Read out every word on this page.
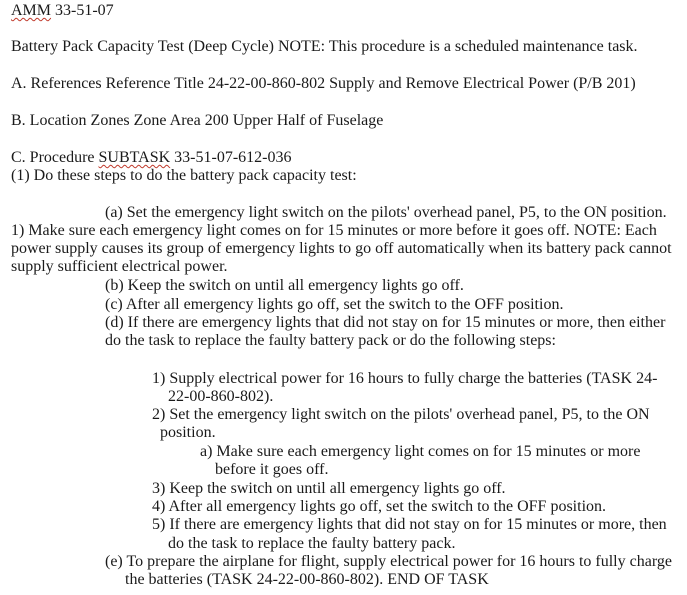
AMM 33-51-07
Battery Pack Capacity Test (Deep Cycle) NOTE: This procedure is a scheduled maintenance task.
A. References Reference Title 24-22-00-860-802 Supply and Remove Electrical Power (P/B 201)
B. Location Zones Zone Area 200 Upper Half of Fuselage
C. Procedure SUBTASK 33-51-07-612-036
(1) Do these steps to do the battery pack capacity test:
(a) Set the emergency light switch on the pilots' overhead panel, P5, to the ON position.
1) Make sure each emergency light comes on for 15 minutes or more before it goes off. NOTE: Each
power supply causes its group of emergency lights to go off automatically when its battery pack cannot
supply sufficient electrical power.
(b) Keep the switch on until all emergency lights go off.
(c) After all emergency lights go off, set the switch to the OFF position.
(d) If there are emergency lights that did not stay on for 15 minutes or more, then either
do the task to replace the faulty battery pack or do the following steps:
1) Supply electrical power for 16 hours to fully charge the batteries (TASK 24-
22-00-860-802).
2) Set the emergency light switch on the pilots' overhead panel, P5, to the ON
position.
a) Make sure each emergency light comes on for 15 minutes or more
before it goes off.
3) Keep the switch on until all emergency lights go off.
4) After all emergency lights go off, set the switch to the OFF position.
5) If there are emergency lights that did not stay on for 15 minutes or more, then
do the task to replace the faulty battery pack.
(e) To prepare the airplane for flight, supply electrical power for 16 hours to fully charge
the batteries (TASK 24-22-00-860-802). END OF TASK
